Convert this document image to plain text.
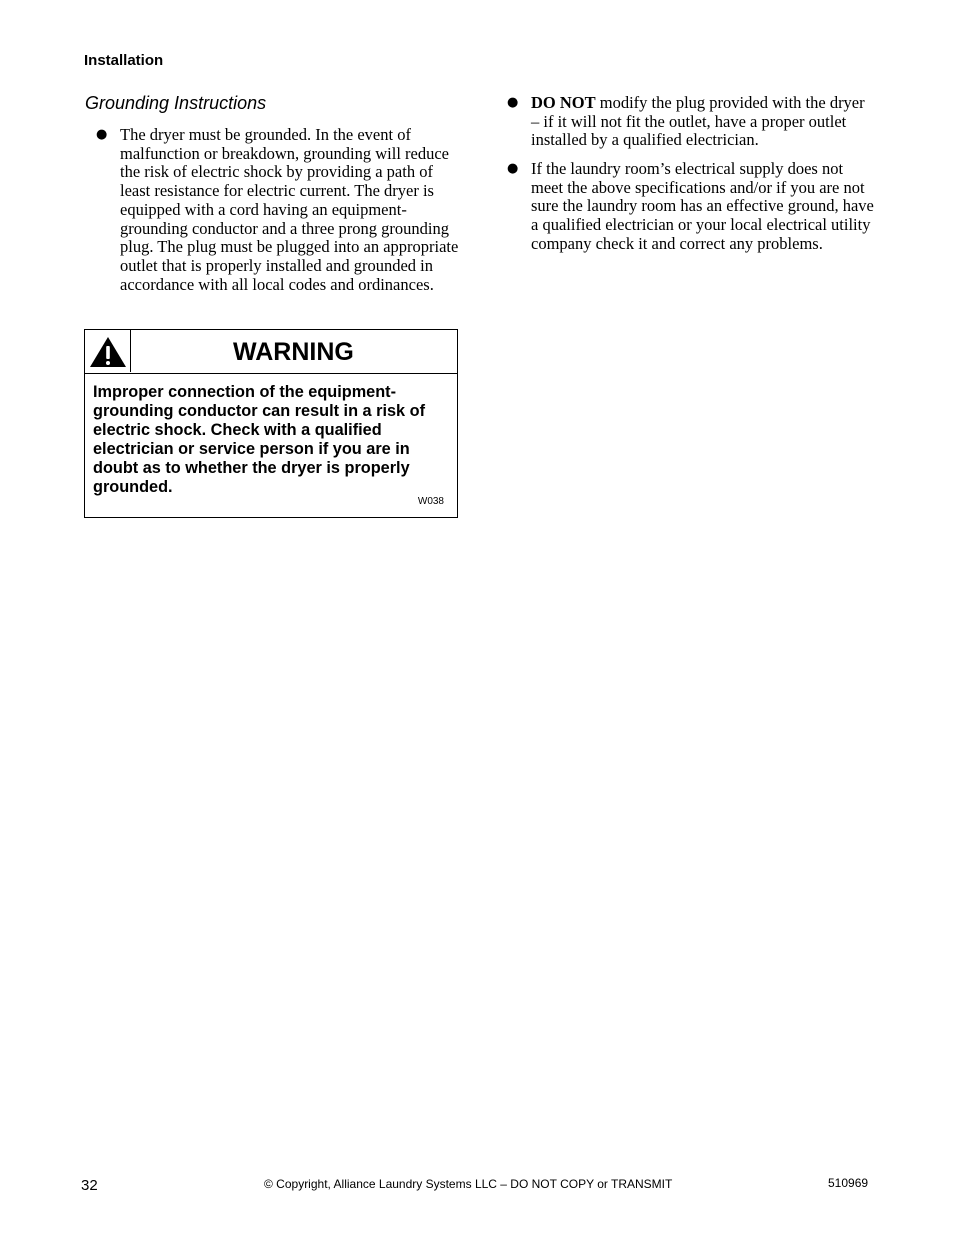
Installation
Grounding Instructions
● The dryer must be grounded. In the event of malfunction or breakdown, grounding will reduce the risk of electric shock by providing a path of least resistance for electric current. The dryer is equipped with a cord having an equipment-grounding conductor and a three prong grounding plug. The plug must be plugged into an appropriate outlet that is properly installed and grounded in accordance with all local codes and ordinances.
WARNING
Improper connection of the equipment-grounding conductor can result in a risk of electric shock. Check with a qualified electrician or service person if you are in doubt as to whether the dryer is properly grounded.
W038
● DO NOT modify the plug provided with the dryer – if it will not fit the outlet, have a proper outlet installed by a qualified electrician.
● If the laundry room’s electrical supply does not meet the above specifications and/or if you are not sure the laundry room has an effective ground, have a qualified electrician or your local electrical utility company check it and correct any problems.
32	© Copyright, Alliance Laundry Systems LLC – DO NOT COPY or TRANSMIT	510969
